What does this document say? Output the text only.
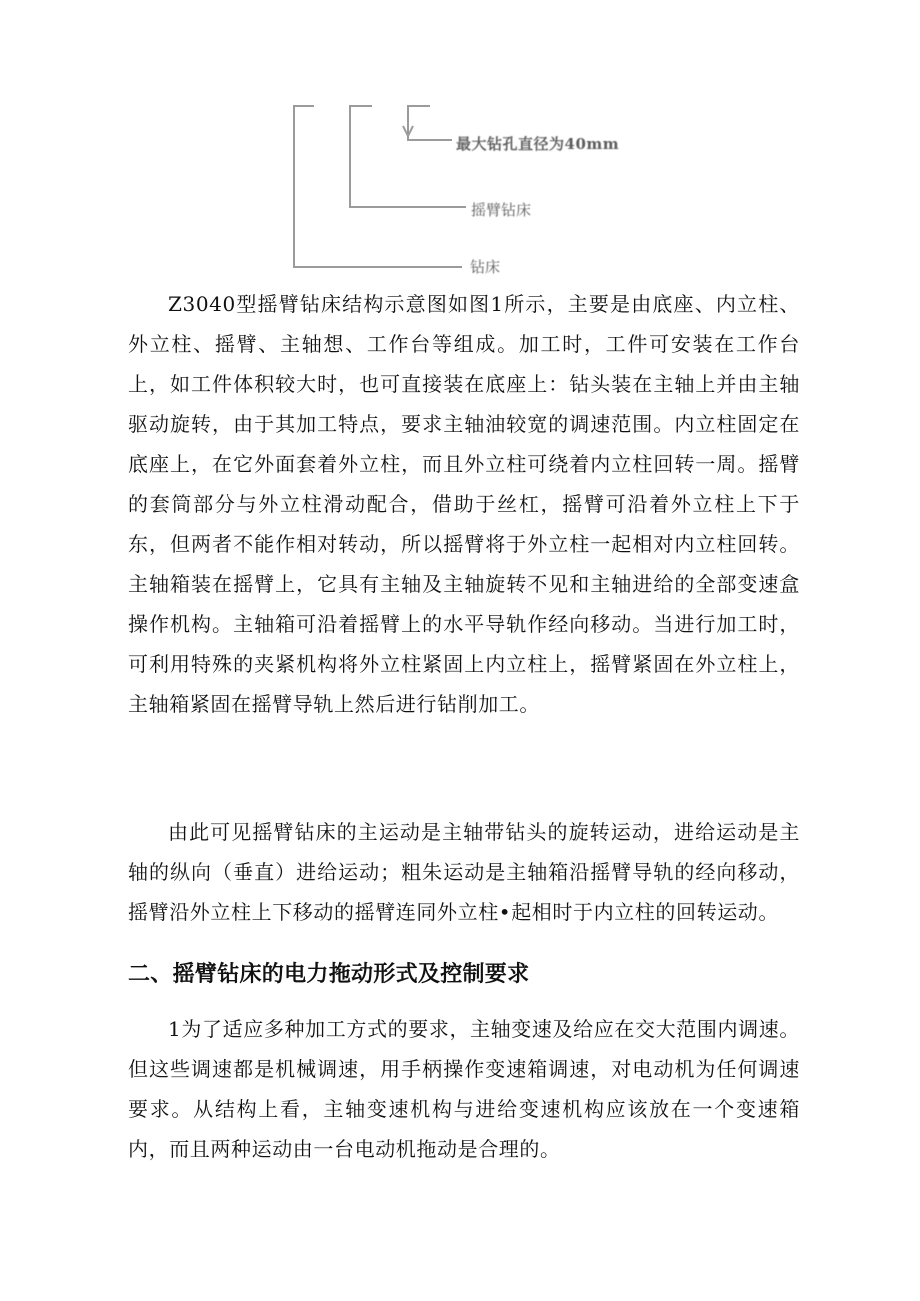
最大钻孔直径为40mm
摇臂钻床
钻床

Z3040型摇臂钻床结构示意图如图1所示，主要是由底座、内立柱、外立柱、摇臂、主轴想、工作台等组成。加工时，工件可安装在工作台上，如工件体积较大时，也可直接装在底座上：钻头装在主轴上并由主轴驱动旋转，由于其加工特点，要求主轴油较宽的调速范围。内立柱固定在底座上，在它外面套着外立柱，而且外立柱可绕着内立柱回转一周。摇臂的套筒部分与外立柱滑动配合，借助于丝杠，摇臂可沿着外立柱上下于东，但两者不能作相对转动，所以摇臂将于外立柱一起相对内立柱回转。主轴箱装在摇臂上，它具有主轴及主轴旋转不见和主轴进给的全部变速盒操作机构。主轴箱可沿着摇臂上的水平导轨作经向移动。当进行加工时，可利用特殊的夹紧机构将外立柱紧固上内立柱上，摇臂紧固在外立柱上，主轴箱紧固在摇臂导轨上然后进行钻削加工。

由此可见摇臂钻床的主运动是主轴带钻头的旋转运动，进给运动是主轴的纵向（垂直）进给运动；粗朱运动是主轴箱沿摇臂导轨的经向移动，摇臂沿外立柱上下移动的摇臂连同外立柱•起相时于内立柱的回转运动。

二、摇臂钻床的电力拖动形式及控制要求

1为了适应多种加工方式的要求，主轴变速及给应在交大范围内调速。但这些调速都是机械调速，用手柄操作变速箱调速，对电动机为任何调速要求。从结构上看，主轴变速机构与进给变速机构应该放在一个变速箱内，而且两种运动由一台电动机拖动是合理的。
